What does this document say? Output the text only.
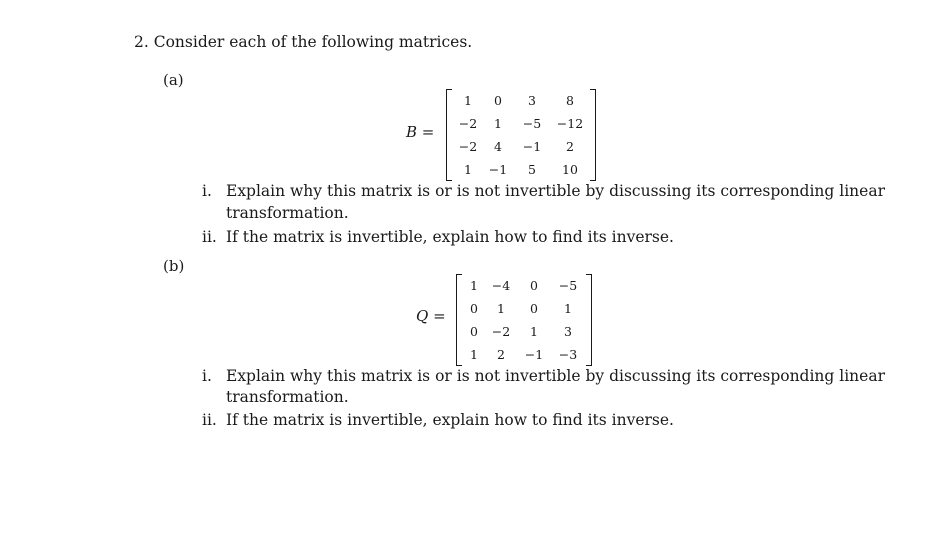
2. Consider each of the following matrices.
(a)
B =
1	0	3	8
−2	1	−5	−12
−2	4	−1	2
1	−1	5	10
i. Explain why this matrix is or is not invertible by discussing its corresponding linear
transformation.
ii. If the matrix is invertible, explain how to find its inverse.
(b)
Q =
1	−4	0	−5
0	1	0	1
0	−2	1	3
1	2	−1	−3
i. Explain why this matrix is or is not invertible by discussing its corresponding linear
transformation.
ii. If the matrix is invertible, explain how to find its inverse.
